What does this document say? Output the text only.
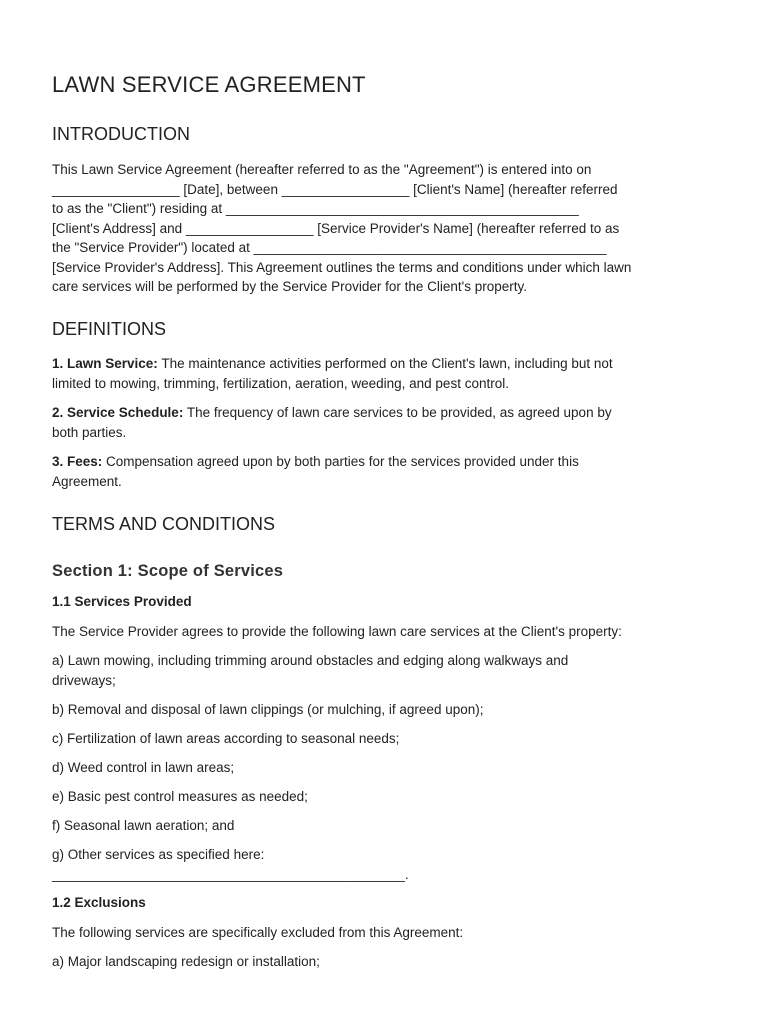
LAWN SERVICE AGREEMENT
INTRODUCTION
This Lawn Service Agreement (hereafter referred to as the "Agreement") is entered into on
_________________ [Date], between _________________ [Client's Name] (hereafter referred
to as the "Client") residing at _______________________________________________
[Client's Address] and _________________ [Service Provider's Name] (hereafter referred to as
the "Service Provider") located at _______________________________________________
[Service Provider's Address]. This Agreement outlines the terms and conditions under which lawn
care services will be performed by the Service Provider for the Client's property.
DEFINITIONS
1. Lawn Service: The maintenance activities performed on the Client's lawn, including but not
limited to mowing, trimming, fertilization, aeration, weeding, and pest control.
2. Service Schedule: The frequency of lawn care services to be provided, as agreed upon by
both parties.
3. Fees: Compensation agreed upon by both parties for the services provided under this
Agreement.
TERMS AND CONDITIONS
Section 1: Scope of Services
1.1 Services Provided
The Service Provider agrees to provide the following lawn care services at the Client's property:
a) Lawn mowing, including trimming around obstacles and edging along walkways and
driveways;
b) Removal and disposal of lawn clippings (or mulching, if agreed upon);
c) Fertilization of lawn areas according to seasonal needs;
d) Weed control in lawn areas;
e) Basic pest control measures as needed;
f) Seasonal lawn aeration; and
g) Other services as specified here:
_______________________________________________.
1.2 Exclusions
The following services are specifically excluded from this Agreement:
a) Major landscaping redesign or installation;
